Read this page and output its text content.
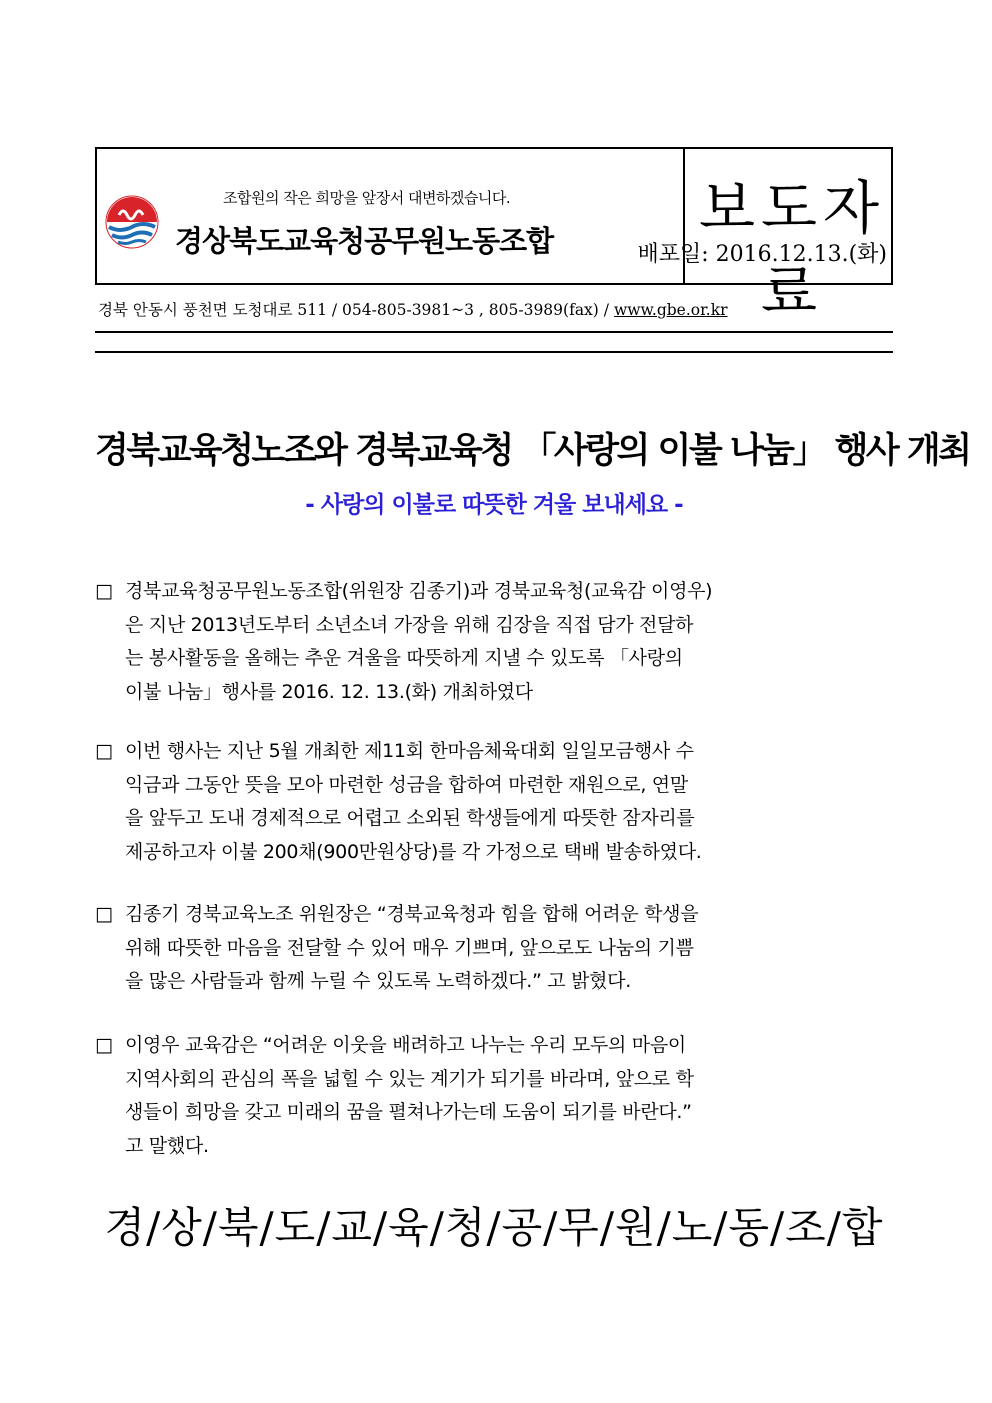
조합원의 작은 희망을 앞장서 대변하겠습니다.
경상북도교육청공무원노동조합	보도자료
배포일: 2016.12.13.(화)
경북 안동시 풍천면 도청대로 511 / 054-805-3981~3 , 805-3989(fax) / www.gbe.or.kr
경북교육청노조와 경북교육청 「사랑의 이불 나눔」 행사 개최
- 사랑의 이불로 따뜻한 겨울 보내세요 -
□ 경북교육청공무원노동조합(위원장 김종기)과 경북교육청(교육감 이영우)
은 지난 2013년도부터 소년소녀 가장을 위해 김장을 직접 담가 전달하
는 봉사활동을 올해는 추운 겨울을 따뜻하게 지낼 수 있도록 「사랑의
이불 나눔」행사를 2016. 12. 13.(화) 개최하였다
□ 이번 행사는 지난 5월 개최한 제11회 한마음체육대회 일일모금행사 수
익금과 그동안 뜻을 모아 마련한 성금을 합하여 마련한 재원으로, 연말
을 앞두고 도내 경제적으로 어렵고 소외된 학생들에게 따뜻한 잠자리를
제공하고자 이불 200채(900만원상당)를 각 가정으로 택배 발송하였다.
□ 김종기 경북교육노조 위원장은 “경북교육청과 힘을 합해 어려운 학생을
위해 따뜻한 마음을 전달할 수 있어 매우 기쁘며, 앞으로도 나눔의 기쁨
을 많은 사람들과 함께 누릴 수 있도록 노력하겠다.” 고 밝혔다.
□ 이영우 교육감은 “어려운 이웃을 배려하고 나누는 우리 모두의 마음이
지역사회의 관심의 폭을 넓힐 수 있는 계기가 되기를 바라며, 앞으로 학
생들이 희망을 갖고 미래의 꿈을 펼쳐나가는데 도움이 되기를 바란다.”
고 말했다.
경/상/북/도/교/육/청/공/무/원/노/동/조/합
